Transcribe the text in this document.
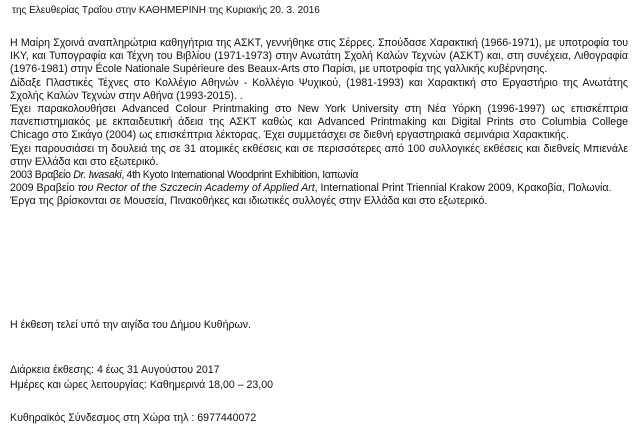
της Ελευθερίας Τραΐου στην ΚΑΘΗΜΕΡΙΝΗ της Κυριακής 20. 3. 2016

Η Μαίρη Σχοινά αναπληρώτρια καθηγήτρια της ΑΣΚΤ, γεννήθηκε στις Σέρρες. Σπούδασε Χαρακτική (1966-1971), με υποτροφία του ΙΚΥ, και Τυπογραφία και Τέχνη του Βιβλίου (1971-1973) στην Ανωτάτη Σχολή Καλών Τεχνών (ΑΣΚΤ) και, στη συνέχεια, Λιθογραφία (1976-1981) στην École Nationale Supérieure des Beaux-Arts στο Παρίσι, με υποτροφία της γαλλικής κυβέρνησης.

Δίδαξε Πλαστικές Τέχνες στο Κολλέγιο Αθηνών - Κολλέγιο Ψυχικού, (1981-1993) και Χαρακτική στο Εργαστήριο της Ανωτάτης Σχολής Καλών Τεχνών στην Αθήνα (1993-2015). .

Έχει παρακολουθήσει Advanced Colour Printmaking στο New York University στη Νέα Υόρκη (1996-1997) ως επισκέπτρια πανεπιστημιακός με εκπαιδευτική άδεια της ΑΣΚΤ καθώς και Advanced Printmaking και Digital Prints στο Columbia College Chicago στο Σικάγο (2004) ως επισκέπτρια λέκτορας. Έχει συμμετάσχει σε διεθνή εργαστηριακά σεμινάρια Χαρακτικής.

Έχει παρουσιάσει τη δουλειά της σε 31 ατομικές εκθέσεις και σε περισσότερες από 100 συλλογικές εκθέσεις και διεθνείς Μπιενάλε στην Ελλάδα και στο εξωτερικό.

2003 Βραβείο Dr. Iwasaki, 4th Kyoto International Woodprint Exhibition, Ιαπωνία

2009 Βραβείο του Rector of the Szczecin Academy of Applied Art, International Print Triennial Krakow 2009, Κρακοβία, Πολωνία.

Έργα της βρίσκονται σε Μουσεία, Πινακοθήκες και ιδιωτικές συλλογές στην Ελλάδα και στο εξωτερικό.

Η έκθεση τελεί υπό την αιγίδα του Δήμου Κυθήρων.
Διάρκεια έκθεσης: 4 έως 31 Αυγούστου 2017
Ημέρες και ώρες λειτουργίας: Καθημερινά 18,00 – 23,00
Κυθηραϊκός Σύνδεσμος στη Χώρα τηλ : 6977440072
